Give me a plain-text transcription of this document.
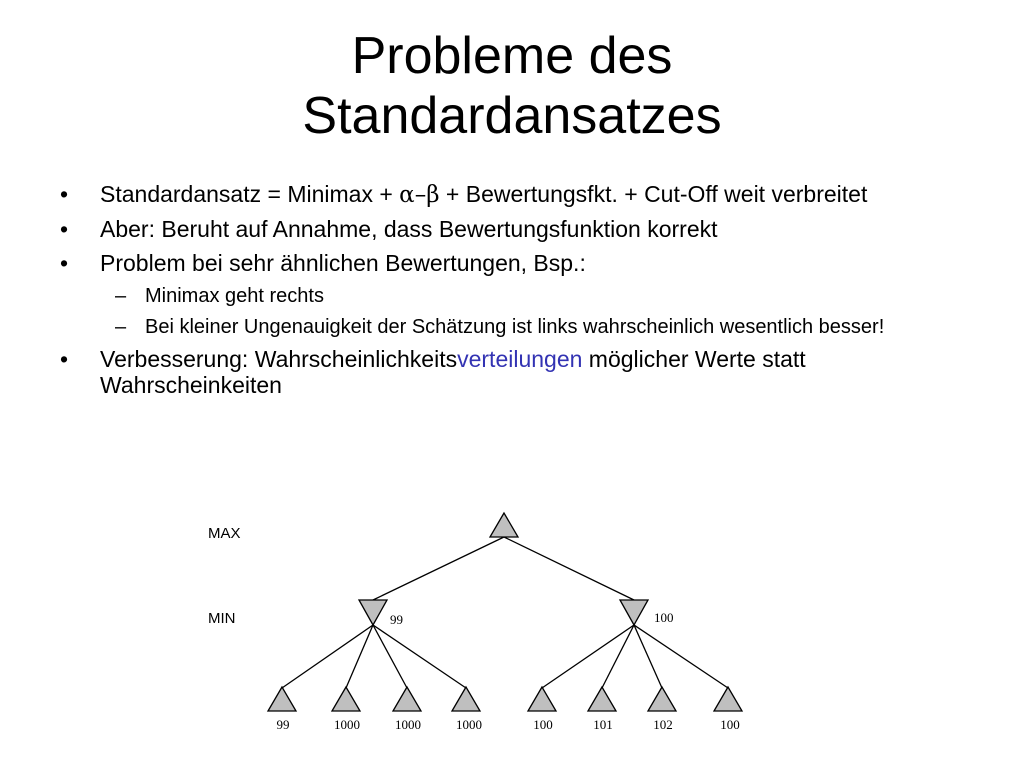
Probleme des
Standardansatzes
• Standardansatz = Minimax + α–β + Bewertungsfkt. + Cut-Off weit verbreitet
• Aber: Beruht auf Annahme, dass Bewertungsfunktion korrekt
• Problem bei sehr ähnlichen Bewertungen, Bsp.:
– Minimax geht rechts
– Bei kleiner Ungenauigkeit der Schätzung ist links wahrscheinlich wesentlich besser!
• Verbesserung: Wahrscheinlichkeitsverteilungen möglicher Werte statt Wahrscheinkeiten
MAX
MIN	99	100
99	1000	1000	1000	100	101	102	100
